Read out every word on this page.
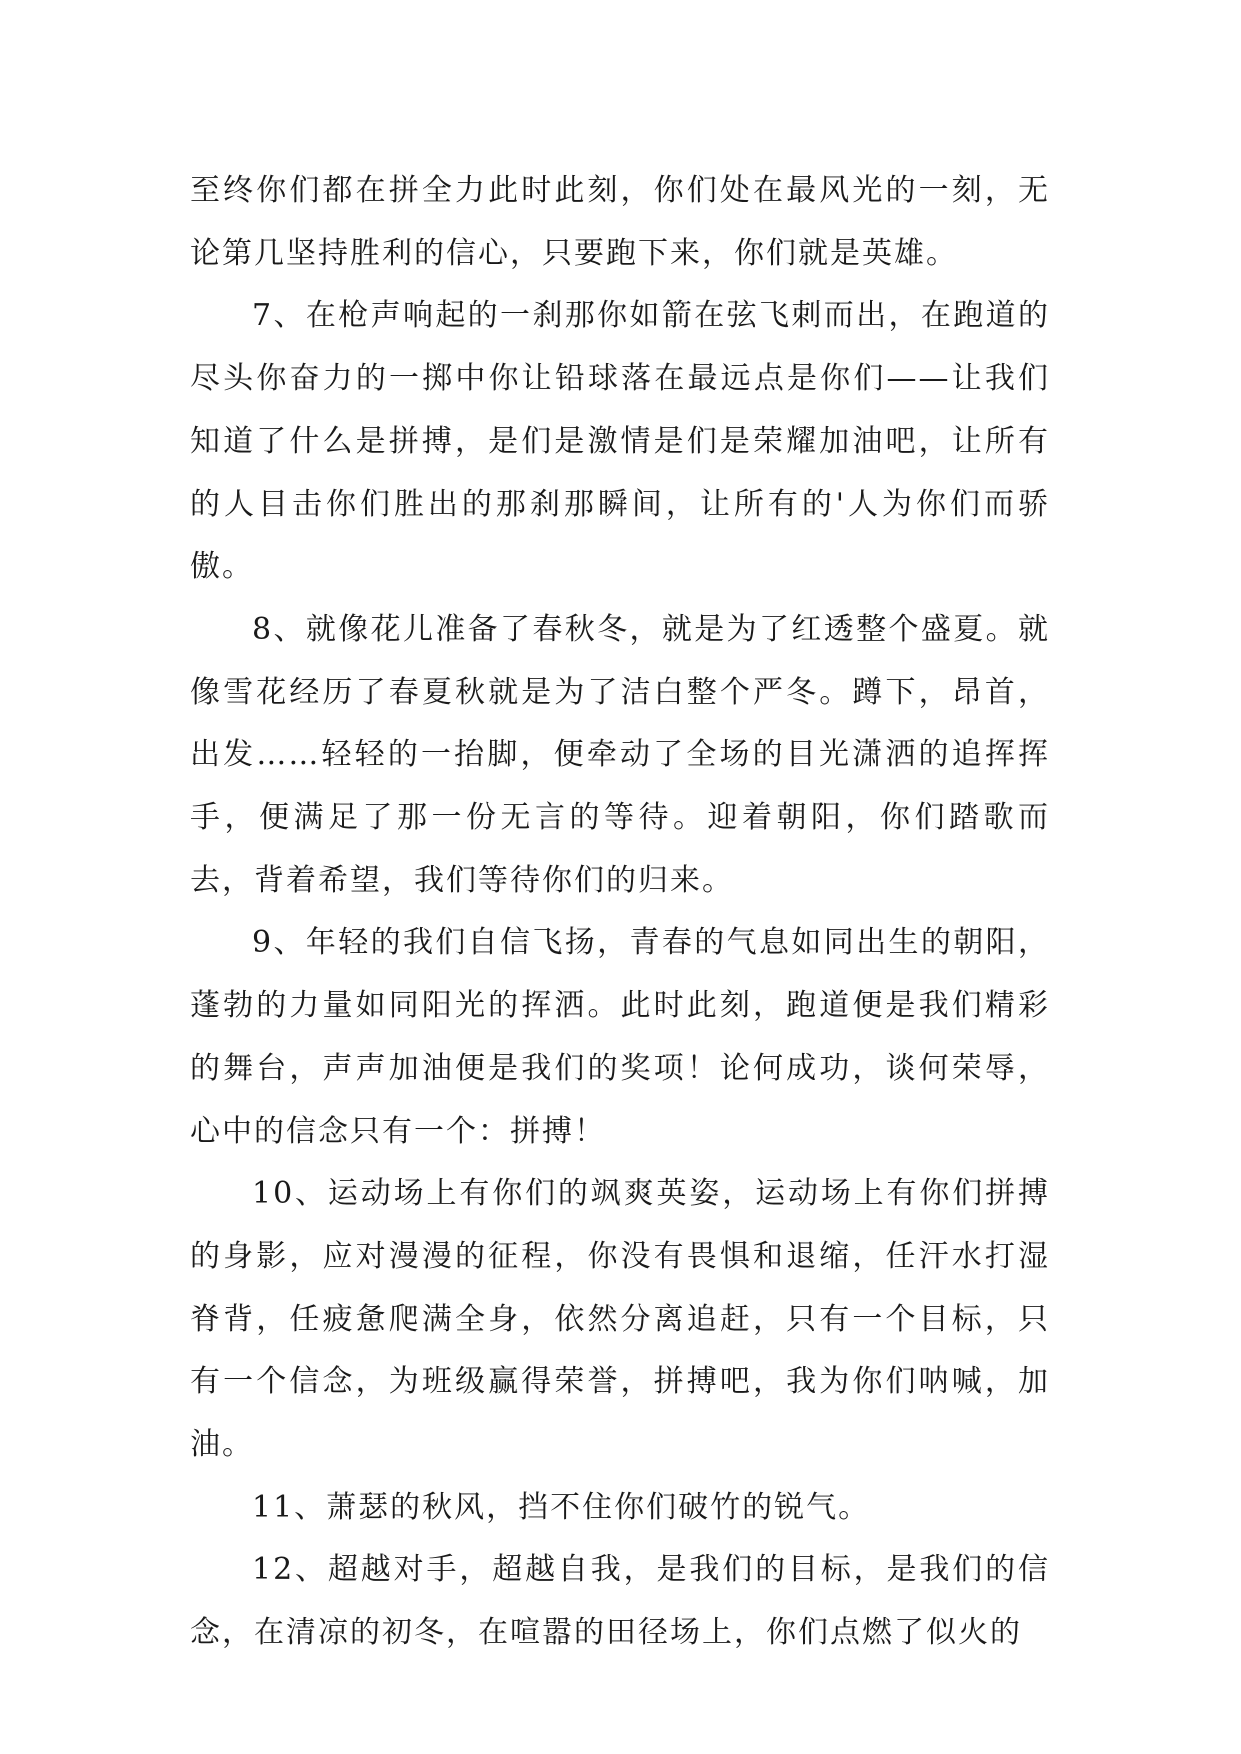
至终你们都在拼全力此时此刻，你们处在最风光的一刻，无论第几坚持胜利的信心，只要跑下来，你们就是英雄。

7、在枪声响起的一刹那你如箭在弦飞刺而出，在跑道的尽头你奋力的一掷中你让铅球落在最远点是你们——让我们知道了什么是拼搏，是们是激情是们是荣耀加油吧，让所有的人目击你们胜出的那刹那瞬间，让所有的'人为你们而骄傲。

8、就像花儿准备了春秋冬，就是为了红透整个盛夏。就像雪花经历了春夏秋就是为了洁白整个严冬。蹲下，昂首，出发……轻轻的一抬脚，便牵动了全场的目光潇洒的追挥挥手，便满足了那一份无言的等待。迎着朝阳，你们踏歌而去，背着希望，我们等待你们的归来。

9、年轻的我们自信飞扬，青春的气息如同出生的朝阳，蓬勃的力量如同阳光的挥洒。此时此刻，跑道便是我们精彩的舞台，声声加油便是我们的奖项！论何成功，谈何荣辱，心中的信念只有一个：拼搏！

10、运动场上有你们的飒爽英姿，运动场上有你们拼搏的身影，应对漫漫的征程，你没有畏惧和退缩，任汗水打湿脊背，任疲惫爬满全身，依然分离追赶，只有一个目标，只有一个信念，为班级赢得荣誉，拼搏吧，我为你们呐喊，加油。

11、萧瑟的秋风，挡不住你们破竹的锐气。

12、超越对手，超越自我，是我们的目标，是我们的信念，在清凉的初冬，在喧嚣的田径场上，你们点燃了似火的
